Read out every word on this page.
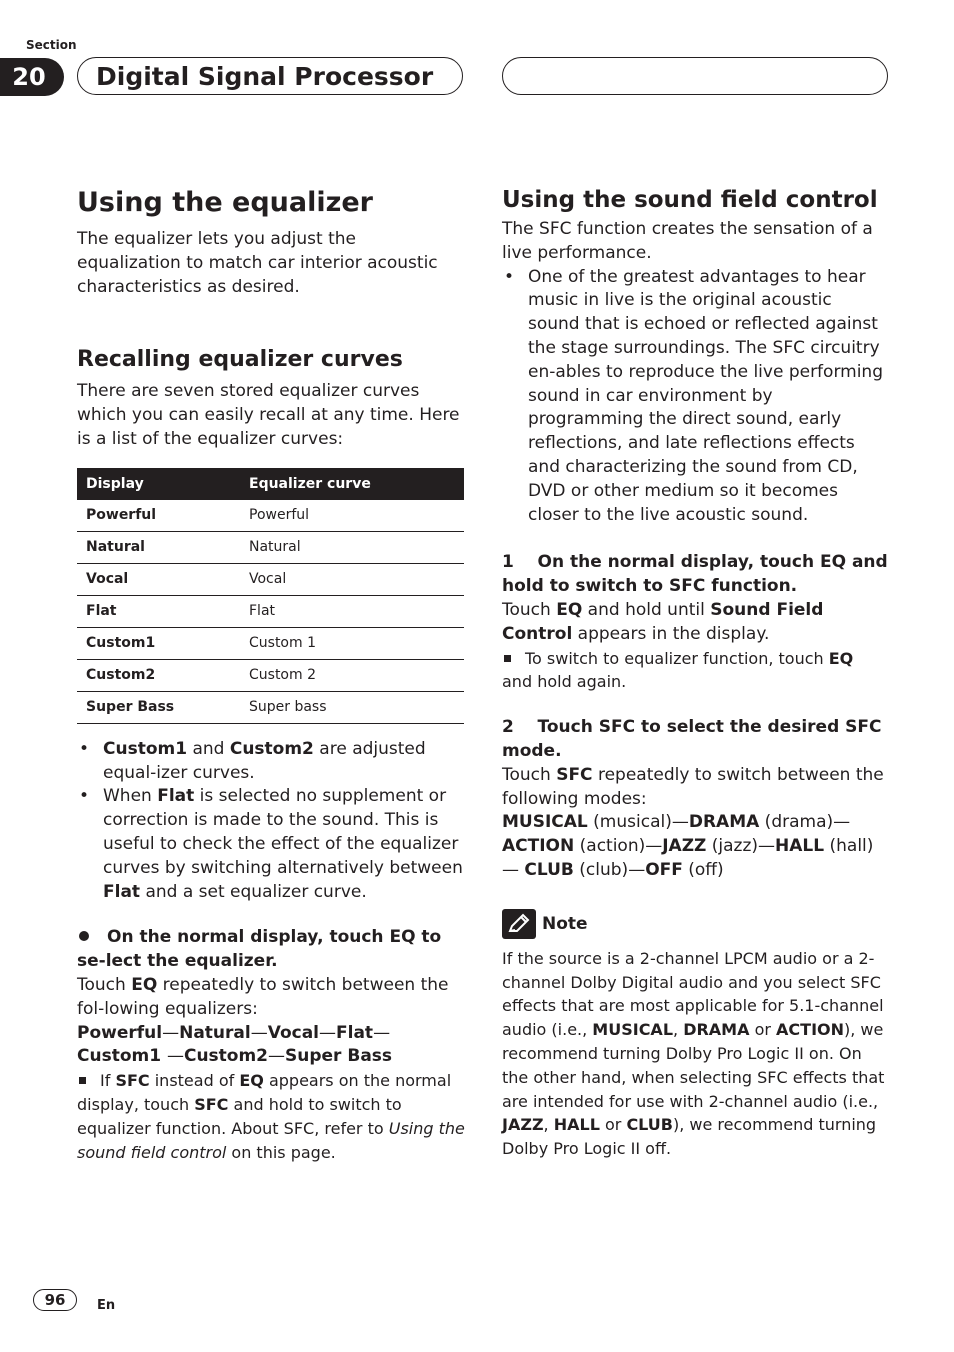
Section
20	Digital Signal Processor
Using the equalizer

The equalizer lets you adjust the equalization to match car interior acoustic characteristics as desired.

Recalling equalizer curves

There are seven stored equalizer curves which you can easily recall at any time. Here is a list of the equalizer curves:

Display	Equalizer curve
Powerful	Powerful
Natural	Natural
Vocal	Vocal
Flat	Flat
Custom1	Custom 1
Custom2	Custom 2
Super Bass	Super bass
• Custom1 and Custom2 are adjusted equal-izer curves.
• When Flat is selected no supplement or correction is made to the sound. This is useful to check the effect of the equalizer curves by switching alternatively between Flat and a set equalizer curve.

On the normal display, touch EQ to se-lect the equalizer.

Touch EQ repeatedly to switch between the fol-lowing equalizers:

Powerful—Natural—Vocal—Flat—Custom1 —Custom2—Super Bass

If SFC instead of EQ appears on the normal display, touch SFC and hold to switch to equalizer function. About SFC, refer to Using the sound field control on this page.

Using the sound field control

The SFC function creates the sensation of a live performance.

• One of the greatest advantages to hear music in live is the original acoustic sound that is echoed or reflected against the stage surroundings. The SFC circuitry en-ables to reproduce the live performing sound in car environment by programming the direct sound, early reflections, and late reflections effects and characterizing the sound from CD, DVD or other medium so it becomes closer to the live acoustic sound.

1 On the normal display, touch EQ and hold to switch to SFC function.

Touch EQ and hold until Sound Field Control appears in the display.

To switch to equalizer function, touch EQ and hold again.

2 Touch SFC to select the desired SFC mode.

Touch SFC repeatedly to switch between the following modes:

MUSICAL (musical)—DRAMA (drama)— ACTION (action)—JAZZ (jazz)—HALL (hall)— CLUB (club)—OFF (off)

Note

If the source is a 2-channel LPCM audio or a 2-channel Dolby Digital audio and you select SFC effects that are most applicable for 5.1-channel audio (i.e., MUSICAL, DRAMA or ACTION), we recommend turning Dolby Pro Logic II on. On the other hand, when selecting SFC effects that are intended for use with 2-channel audio (i.e., JAZZ, HALL or CLUB), we recommend turning Dolby Pro Logic II off.

96	En
